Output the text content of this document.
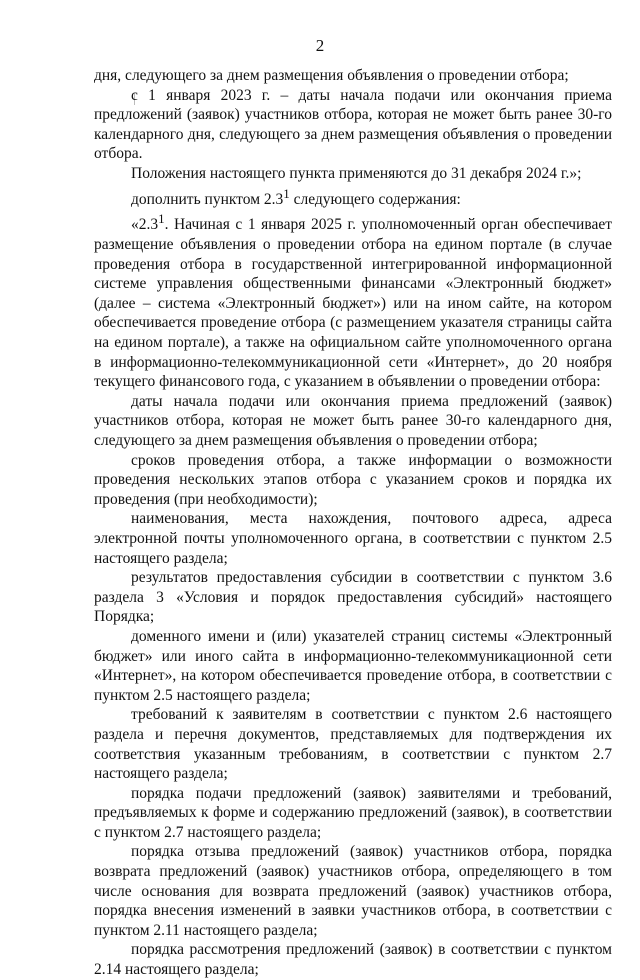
2

дня, следующего за днем размещения объявления о проведении отбора;

с 1 января 2023 г. – даты начала подачи или окончания приема предложений (заявок) участников отбора, которая не может быть ранее 30-го календарного дня, следующего за днем размещения объявления о проведении отбора.

Положения настоящего пункта применяются до 31 декабря 2024 г.»;

дополнить пунктом $2.3^1$ следующего содержания:

«$2.3^1$. Начиная с 1 января 2025 г. уполномоченный орган обеспечивает размещение объявления о проведении отбора на едином портале (в случае проведения отбора в государственной интегрированной информационной системе управления общественными финансами «Электронный бюджет» (далее – система «Электронный бюджет») или на ином сайте, на котором обеспечивается проведение отбора (с размещением указателя страницы сайта на едином портале), а также на официальном сайте уполномоченного органа в информационно-телекоммуникационной сети «Интернет», до 20 ноября текущего финансового года, с указанием в объявлении о проведении отбора:

даты начала подачи или окончания приема предложений (заявок) участников отбора, которая не может быть ранее 30-го календарного дня, следующего за днем размещения объявления о проведении отбора;

сроков проведения отбора, а также информации о возможности проведения нескольких этапов отбора с указанием сроков и порядка их проведения (при необходимости);

наименования, места нахождения, почтового адреса, адреса электронной почты уполномоченного органа, в соответствии с пунктом 2.5 настоящего раздела;

результатов предоставления субсидии в соответствии с пунктом 3.6 раздела 3 «Условия и порядок предоставления субсидий» настоящего Порядка;

доменного имени и (или) указателей страниц системы «Электронный бюджет» или иного сайта в информационно-телекоммуникационной сети «Интернет», на котором обеспечивается проведение отбора, в соответствии с пунктом 2.5 настоящего раздела;

требований к заявителям в соответствии с пунктом 2.6 настоящего раздела и перечня документов, представляемых для подтверждения их соответствия указанным требованиям, в соответствии с пунктом 2.7 настоящего раздела;

порядка подачи предложений (заявок) заявителями и требований, предъявляемых к форме и содержанию предложений (заявок), в соответствии с пунктом 2.7 настоящего раздела;

порядка отзыва предложений (заявок) участников отбора, порядка возврата предложений (заявок) участников отбора, определяющего в том числе основания для возврата предложений (заявок) участников отбора, порядка внесения изменений в заявки участников отбора, в соответствии с пунктом 2.11 настоящего раздела;

порядка рассмотрения предложений (заявок) в соответствии с пунктом 2.14 настоящего раздела;
